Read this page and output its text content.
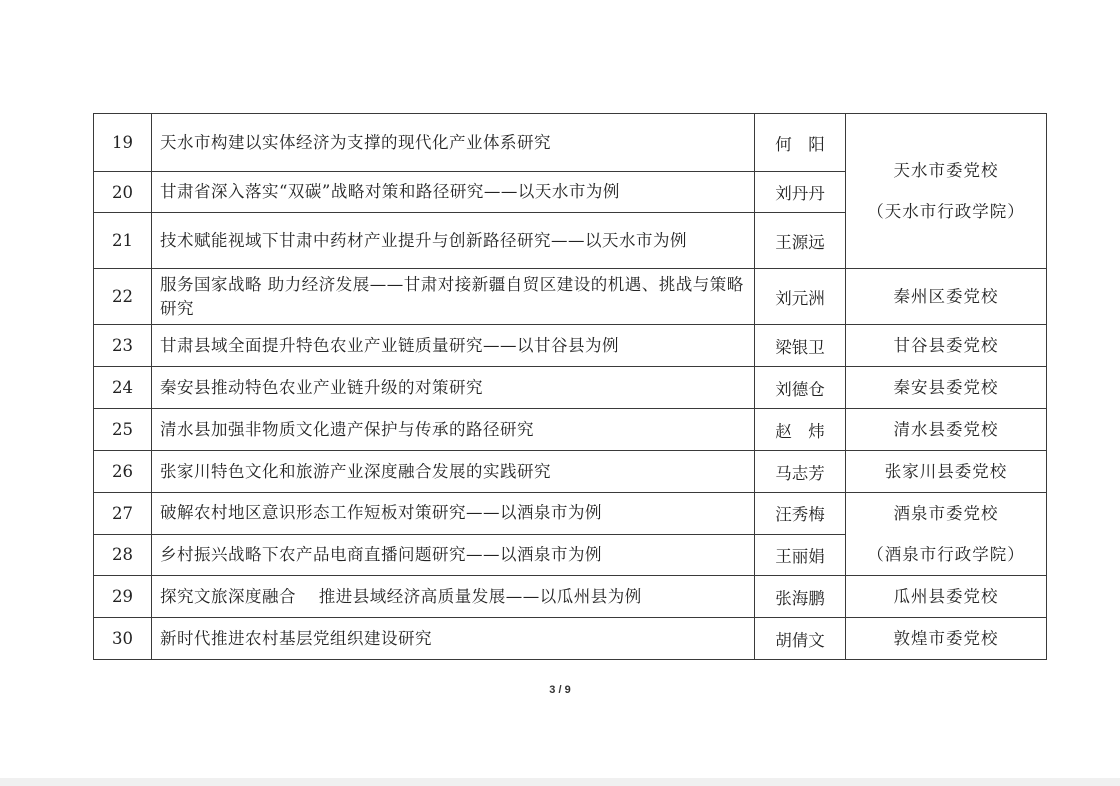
19	天水市构建以实体经济为支撑的现代化产业体系研究	何　阳	天水市委党校
（天水市行政学院）

20	甘肃省深入落实“双碳”战略对策和路径研究——以天水市为例	刘丹丹	
21	技术赋能视域下甘肃中药材产业提升与创新路径研究——以天水市为例	王源远	
22	服务国家战略 助力经济发展——甘肃对接新疆自贸区建设的机遇、挑战与策略研究	刘元洲	秦州区委党校
23	甘肃县域全面提升特色农业产业链质量研究——以甘谷县为例	梁银卫	甘谷县委党校
24	秦安县推动特色农业产业链升级的对策研究	刘德仓	秦安县委党校
25	清水县加强非物质文化遗产保护与传承的路径研究	赵　炜	清水县委党校
26	张家川特色文化和旅游产业深度融合发展的实践研究	马志芳	张家川县委党校
27	破解农村地区意识形态工作短板对策研究——以酒泉市为例	汪秀梅	酒泉市委党校
（酒泉市行政学院）

28	乡村振兴战略下农产品电商直播问题研究——以酒泉市为例	王丽娟	
29	探究文旅深度融合　 推进县域经济高质量发展——以瓜州县为例	张海鹏	瓜州县委党校
30	新时代推进农村基层党组织建设研究	胡倩文	敦煌市委党校
3 / 9
